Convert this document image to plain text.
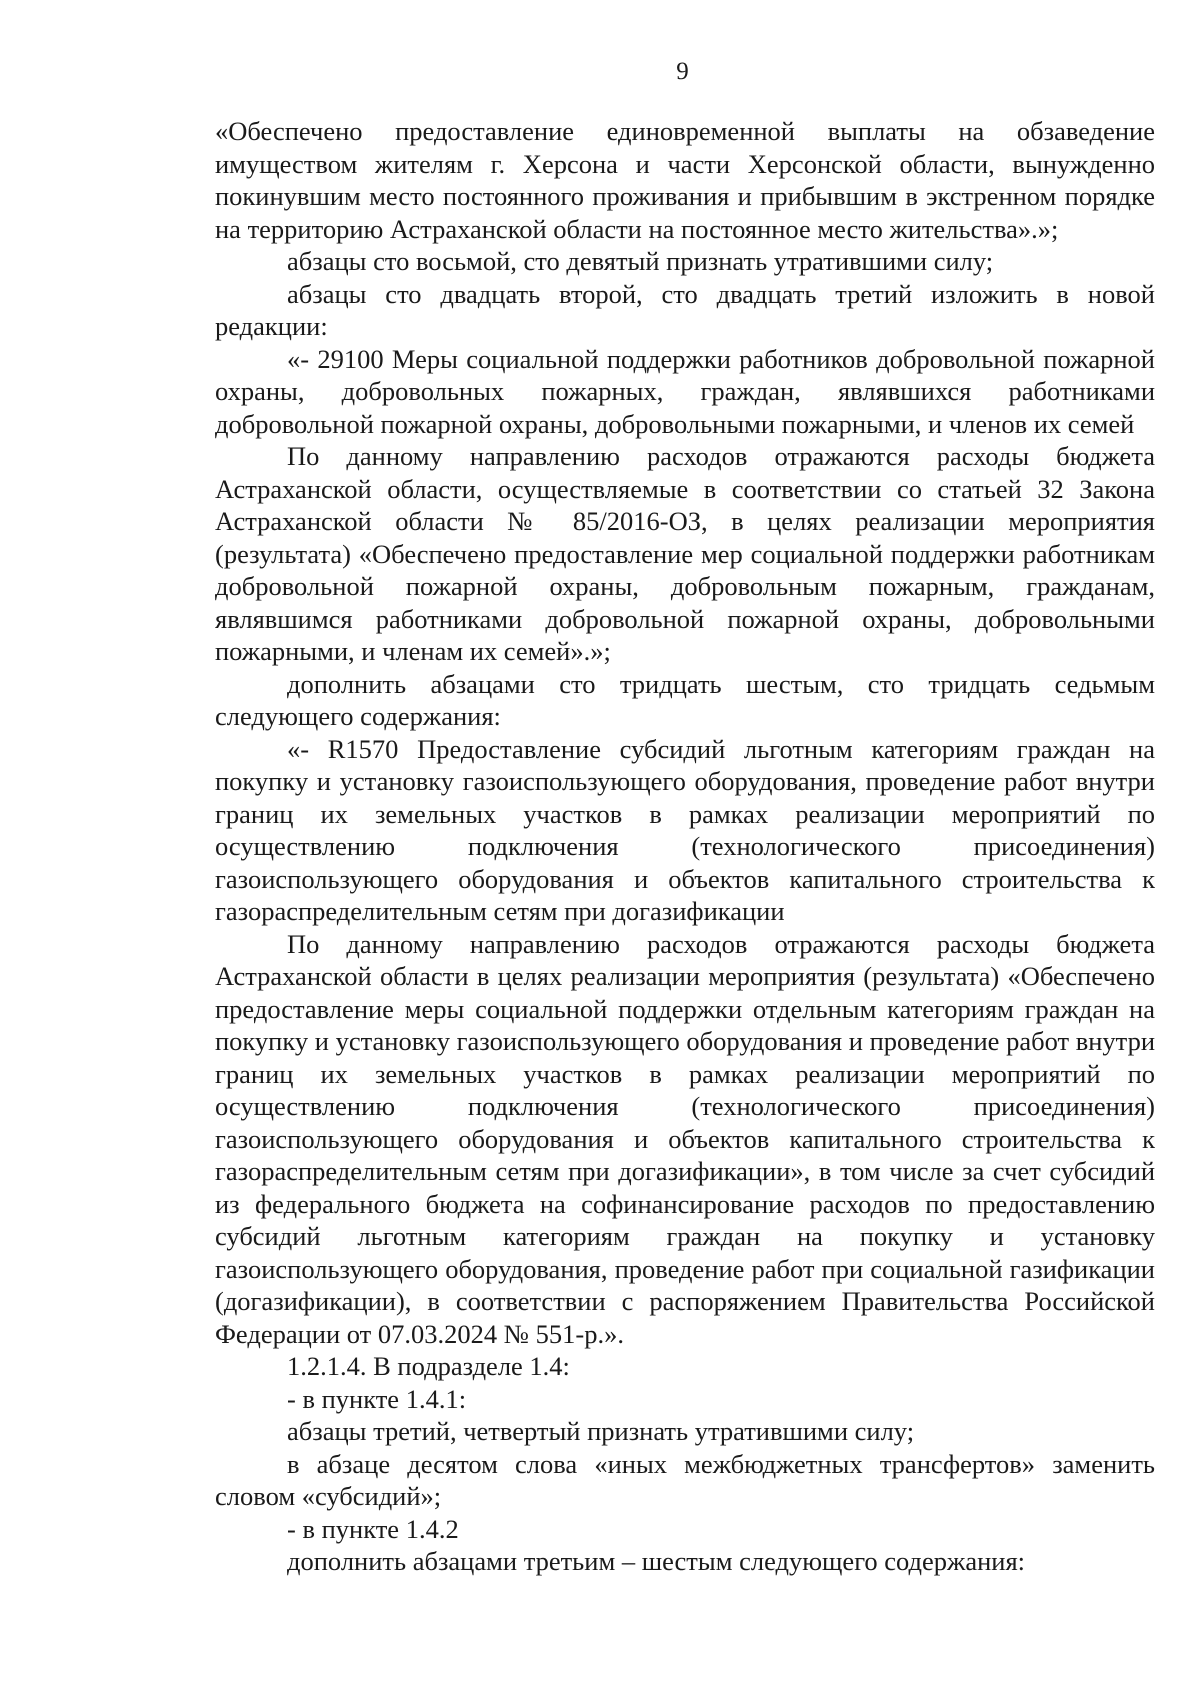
9

«Обеспечено предоставление единовременной выплаты на обзаведение имуществом жителям г. Херсона и части Херсонской области, вынужденно покинувшим место постоянного проживания и прибывшим в экстренном порядке на территорию Астраханской области на постоянное место жительства».»;

абзацы сто восьмой, сто девятый признать утратившими силу;

абзацы сто двадцать второй, сто двадцать третий изложить в новой редакции:

«- 29100 Меры социальной поддержки работников добровольной пожарной охраны, добровольных пожарных, граждан, являвшихся работниками добровольной пожарной охраны, добровольными пожарными, и членов их семей

По данному направлению расходов отражаются расходы бюджета Астраханской области, осуществляемые в соответствии со статьей 32 Закона Астраханской области № 85/2016-ОЗ, в целях реализации мероприятия (результата) «Обеспечено предоставление мер социальной поддержки работникам добровольной пожарной охраны, добровольным пожарным, гражданам, являвшимся работниками добровольной пожарной охраны, добровольными пожарными, и членам их семей».»;

дополнить абзацами сто тридцать шестым, сто тридцать седьмым следующего содержания:

«- R1570 Предоставление субсидий льготным категориям граждан на покупку и установку газоиспользующего оборудования, проведение работ внутри границ их земельных участков в рамках реализации мероприятий по осуществлению подключения (технологического присоединения) газоиспользующего оборудования и объектов капитального строительства к газораспределительным сетям при догазификации

По данному направлению расходов отражаются расходы бюджета Астраханской области в целях реализации мероприятия (результата) «Обеспечено предоставление меры социальной поддержки отдельным категориям граждан на покупку и установку газоиспользующего оборудования и проведение работ внутри границ их земельных участков в рамках реализации мероприятий по осуществлению подключения (технологического присоединения) газоиспользующего оборудования и объектов капитального строительства к газораспределительным сетям при догазификации», в том числе за счет субсидий из федерального бюджета на софинансирование расходов по предоставлению субсидий льготным категориям граждан на покупку и установку газоиспользующего оборудования, проведение работ при социальной газификации (догазификации), в соответствии с распоряжением Правительства Российской Федерации от 07.03.2024 № 551-р.».

1.2.1.4. В подразделе 1.4:

- в пункте 1.4.1:

абзацы третий, четвертый признать утратившими силу;

в абзаце десятом слова «иных межбюджетных трансфертов» заменить словом «субсидий»;

- в пункте 1.4.2

дополнить абзацами третьим – шестым следующего содержания:
